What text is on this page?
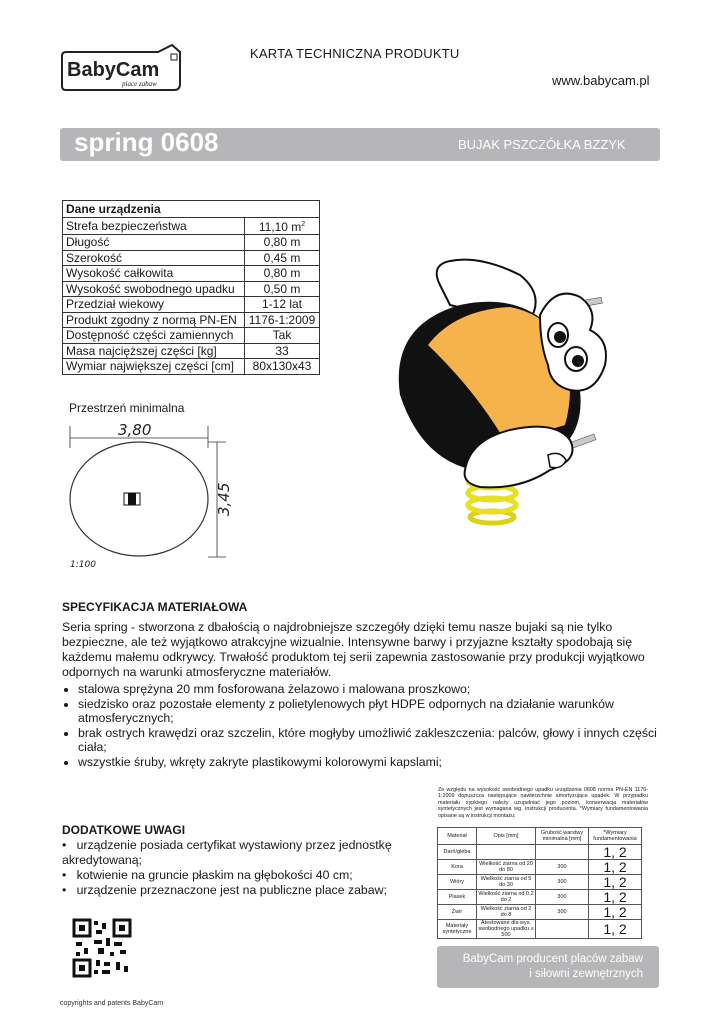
BabyCam
place zabaw
KARTA TECHNICZNA PRODUKTU
www.babycam.pl
spring 0608	BUJAK PSZCZÓŁKA BZZYK
Dane urządzenia	
Strefa bezpieczeństwa	11,10 $m^2$
Długość	0,80 m
Szerokość	0,45 m
Wysokość całkowita	0,80 m
Wysokość swobodnego upadku	0,50 m
Przedział wiekowy	1-12 lat
Produkt zgodny z normą PN-EN	1176-1:2009
Dostępność części zamiennych	Tak
Masa najcięższej części [kg]	33
Wymiar największej części [cm]	80x130x43
Przestrzeń minimalna
3,80
3,45
1:100
SPECYFIKACJA MATERIAŁOWA
Seria spring - stworzona z dbałością o najdrobniejsze szczegóły dzięki temu nasze bujaki są nie tylko bezpieczne, ale też wyjątkowo atrakcyjne wizualnie. Intensywne barwy i przyjazne kształty spodobają się każdemu małemu odkrywcy. Trwałość produktom tej serii zapewnia zastosowanie przy produkcji wyjątkowo odpornych na warunki atmosferyczne materiałów.
• stalowa sprężyna 20 mm fosforowana żelazowo i malowana proszkowo;
• siedzisko oraz pozostałe elementy z polietylenowych płyt HDPE odpornych na działanie warunków atmosferycznych;
• brak ostrych krawędzi oraz szczelin, które mogłyby umożliwić zakleszczenia: palców, głowy i innych części ciała;
• wszystkie śruby, wkręty zakryte plastikowymi kolorowymi kapslami;
DODATKOWE UWAGI
•   urządzenie posiada certyfikat wystawiony przez jednostkę akredytowaną;
•   kotwienie na gruncie płaskim na głębokości 40 cm;
•   urządzenie przeznaczone jest na publiczne place zabaw;
Ze względu na wysokość swobodnego upadku urządzenia 0608 norma PN-EN 1176-1:2009 dopuszcza następujące nawierzchnie amortyzujące upadek. W przypadku materiału sypkiego należy uzupełniać jego poziom, konserwacja materiałów syntetycznych jest wymagana wg. instrukcji producenta. *Wymiary fundamentowania opisane są w instrukcji montażu;
Materiał	Opis [mm]	Grubość warstwy minimalna [mm]	*Wymiary fundamentowania
Darń/gleba			1, 2
Kora	Wielkość ziarna od 20 do 80	300	1, 2
Wióry	Wielkość ziarna od 5 do 30	300	1, 2
Piasek	Wielkość ziarna od 0,2 do 2	300	1, 2
Żwir	Wielkość ziarna od 2 do 8	300	1, 2
Materiały syntetyczne	Atestowane dla wys. swobodnego upadku ≥ 500		1, 2
BabyCam producent placów zabaw
i siłowni zewnętrznych
copyrights and patents BabyCam
